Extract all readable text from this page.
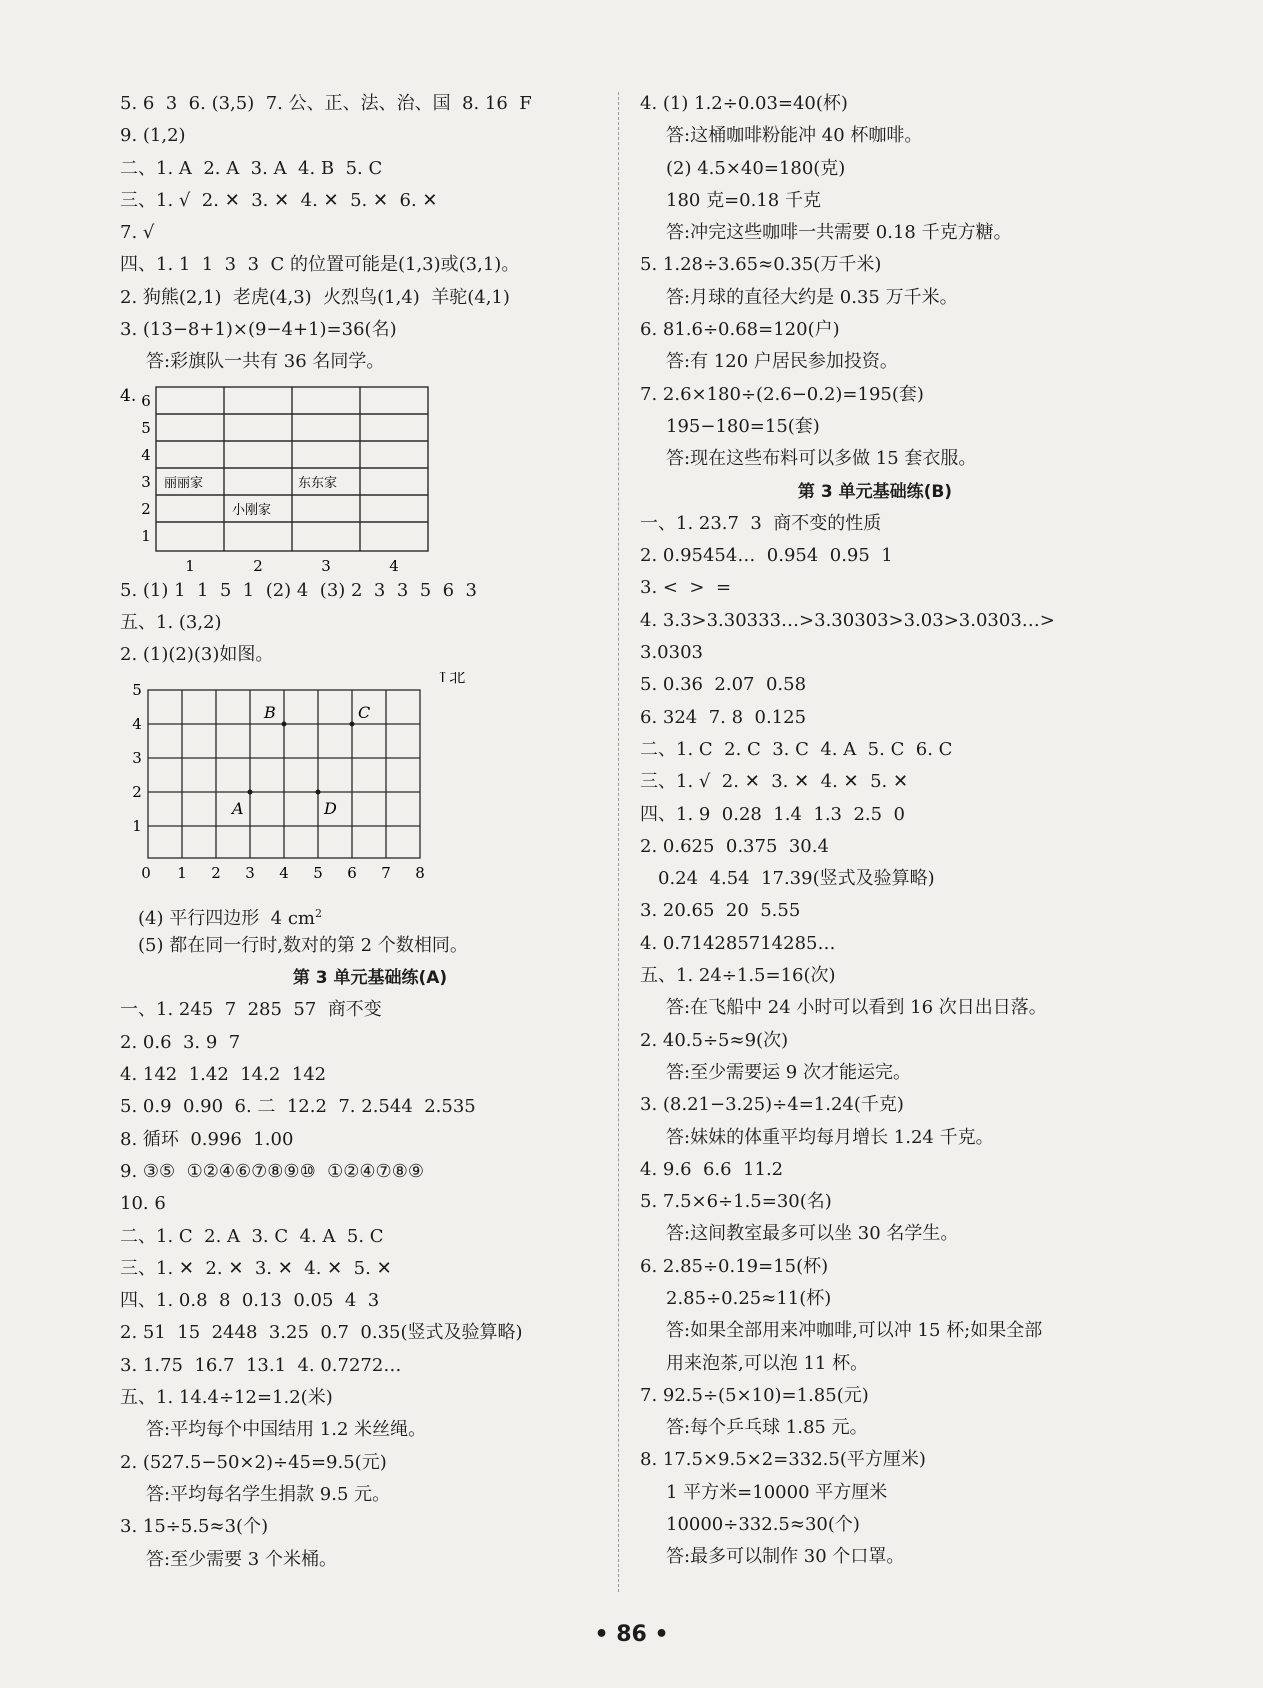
5. 6  3  6. (3,5)  7. 公、正、法、治、国  8. 16  F
9. (1,2)
二、1. A  2. A  3. A  4. B  5. C
三、1. √  2. ✕  3. ✕  4. ✕  5. ✕  6. ✕
7. √
四、1. 1  1  3  3  C 的位置可能是(1,3)或(3,1)。
2. 狗熊(2,1)  老虎(4,3)  火烈鸟(1,4)  羊驼(4,1)
3. (13−8+1)×(9−4+1)=36(名)
答:彩旗队一共有 36 名同学。
4. 6
5
4
3
2
1
1	2	3	4
丽丽家	东东家
小刚家
5. (1) 1  1  5  1  (2) 4  (3) 2  3  3  5  6  3
五、1. (3,2)
2. (1)(2)(3)如图。
5
4
3
2
1
0 1 2 3 4 5 6 7 8
↑北
B	C
A	D
(4) 平行四边形  4 $cm^2$
(5) 都在同一行时,数对的第 2 个数相同。
第 3 单元基础练(A)
一、1. 245  7  285  57  商不变
2. 0.6  3. 9  7
4. 142  1.42  14.2  142
5. 0.9  0.90  6. 二  12.2  7. 2.544  2.535
8. 循环  0.996  1.00
9. ③⑤  ①②④⑥⑦⑧⑨⑩  ①②④⑦⑧⑨
10. 6
二、1. C  2. A  3. C  4. A  5. C
三、1. ✕  2. ✕  3. ✕  4. ✕  5. ✕
四、1. 0.8  8  0.13  0.05  4  3
2. 51  15  2448  3.25  0.7  0.35(竖式及验算略)
3. 1.75  16.7  13.1  4. 0.7272…
五、1. 14.4÷12=1.2(米)
答:平均每个中国结用 1.2 米丝绳。
2. (527.5−50×2)÷45=9.5(元)
答:平均每名学生捐款 9.5 元。
3. 15÷5.5≈3(个)
答:至少需要 3 个米桶。
4. (1) 1.2÷0.03=40(杯)
答:这桶咖啡粉能冲 40 杯咖啡。
(2) 4.5×40=180(克)
180 克=0.18 千克
答:冲完这些咖啡一共需要 0.18 千克方糖。
5. 1.28÷3.65≈0.35(万千米)
答:月球的直径大约是 0.35 万千米。
6. 81.6÷0.68=120(户)
答:有 120 户居民参加投资。
7. 2.6×180÷(2.6−0.2)=195(套)
195−180=15(套)
答:现在这些布料可以多做 15 套衣服。
第 3 单元基础练(B)
一、1. 23.7  3  商不变的性质
2. 0.95454…  0.954  0.95  1
3. <  >  =
4. 3.3>3.30333…>3.30303>3.03>3.0303…>
3.0303
5. 0.36  2.07  0.58
6. 324  7. 8  0.125
二、1. C  2. C  3. C  4. A  5. C  6. C
三、1. √  2. ✕  3. ✕  4. ✕  5. ✕
四、1. 9  0.28  1.4  1.3  2.5  0
2. 0.625  0.375  30.4
0.24  4.54  17.39(竖式及验算略)
3. 20.65  20  5.55
4. 0.714285714285…
五、1. 24÷1.5=16(次)
答:在飞船中 24 小时可以看到 16 次日出日落。
2. 40.5÷5≈9(次)
答:至少需要运 9 次才能运完。
3. (8.21−3.25)÷4=1.24(千克)
答:妹妹的体重平均每月增长 1.24 千克。
4. 9.6  6.6  11.2
5. 7.5×6÷1.5=30(名)
答:这间教室最多可以坐 30 名学生。
6. 2.85÷0.19=15(杯)
2.85÷0.25≈11(杯)
答:如果全部用来冲咖啡,可以冲 15 杯;如果全部
用来泡茶,可以泡 11 杯。
7. 92.5÷(5×10)=1.85(元)
答:每个乒乓球 1.85 元。
8. 17.5×9.5×2=332.5(平方厘米)
1 平方米=10000 平方厘米
10000÷332.5≈30(个)
答:最多可以制作 30 个口罩。
• 86 •
